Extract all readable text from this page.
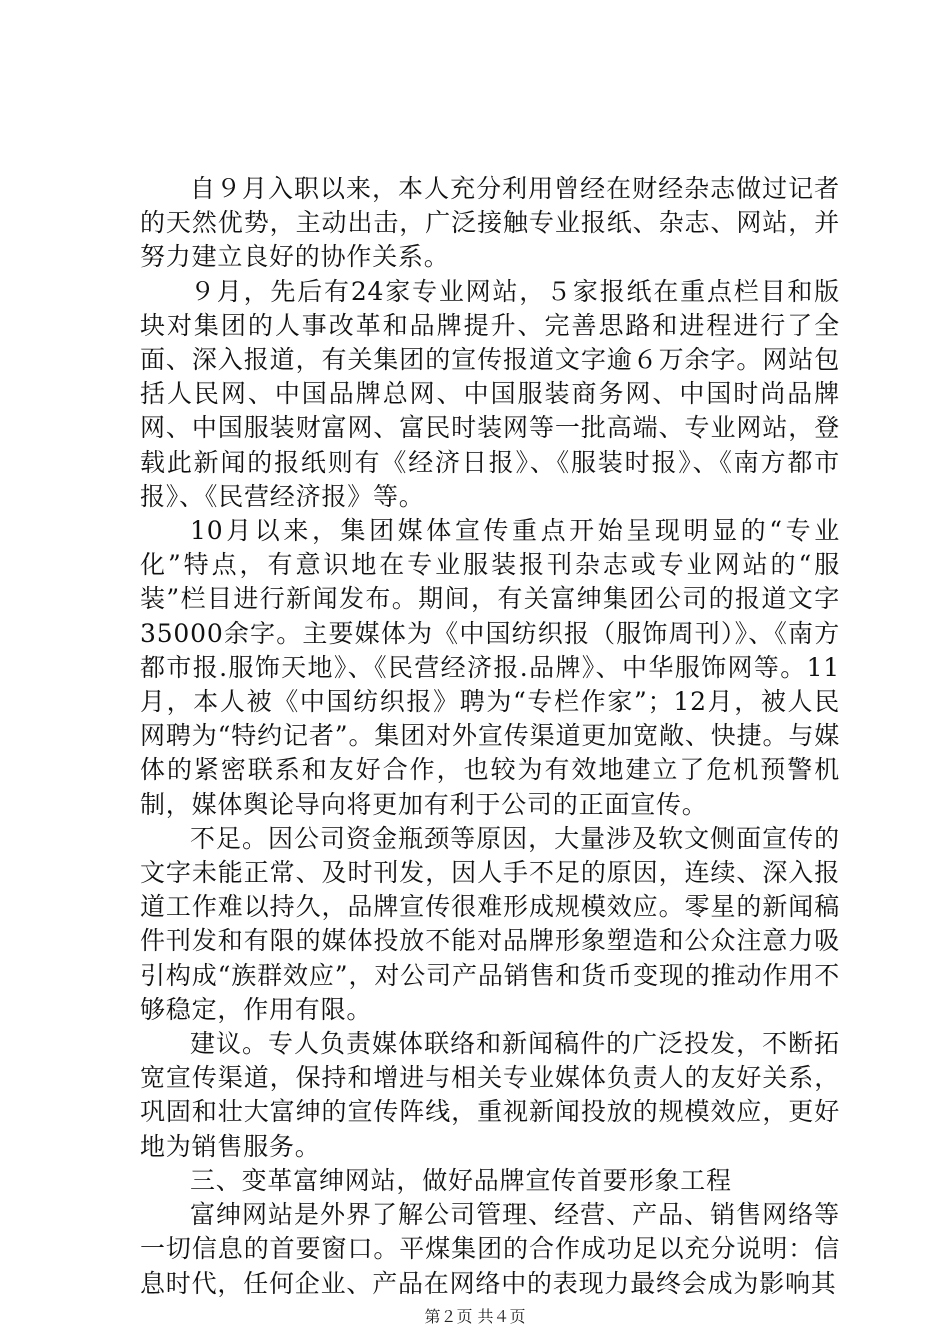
自９月入职以来，本人充分利用曾经在财经杂志做过记者的天然优势，主动出击，广泛接触专业报纸、杂志、网站，并努力建立良好的协作关系。

９月，先后有24家专业网站，５家报纸在重点栏目和版块对集团的人事改革和品牌提升、完善思路和进程进行了全面、深入报道，有关集团的宣传报道文字逾６万余字。网站包括人民网、中国品牌总网、中国服装商务网、中国时尚品牌网、中国服装财富网、富民时装网等一批高端、专业网站，登载此新闻的报纸则有《经济日报》、《服装时报》、《南方都市报》、《民营经济报》等。

10月以来，集团媒体宣传重点开始呈现明显的“专业化”特点，有意识地在专业服装报刊杂志或专业网站的“服装”栏目进行新闻发布。期间，有关富绅集团公司的报道文字35000余字。主要媒体为《中国纺织报（服饰周刊）》、《南方都市报.服饰天地》、《民营经济报.品牌》、中华服饰网等。11月，本人被《中国纺织报》聘为“专栏作家”；12月，被人民网聘为“特约记者”。集团对外宣传渠道更加宽敞、快捷。与媒体的紧密联系和友好合作，也较为有效地建立了危机预警机制，媒体舆论导向将更加有利于公司的正面宣传。

不足。因公司资金瓶颈等原因，大量涉及软文侧面宣传的文字未能正常、及时刊发，因人手不足的原因，连续、深入报道工作难以持久，品牌宣传很难形成规模效应。零星的新闻稿件刊发和有限的媒体投放不能对品牌形象塑造和公众注意力吸引构成“族群效应”，对公司产品销售和货币变现的推动作用不够稳定，作用有限。

建议。专人负责媒体联络和新闻稿件的广泛投发，不断拓宽宣传渠道，保持和增进与相关专业媒体负责人的友好关系，巩固和壮大富绅的宣传阵线，重视新闻投放的规模效应，更好地为销售服务。

三、变革富绅网站，做好品牌宣传首要形象工程

富绅网站是外界了解公司管理、经营、产品、销售网络等一切信息的首要窗口。平煤集团的合作成功足以充分说明：信息时代，任何企业、产品在网络中的表现力最终会成为影响其

第２页 共４页
